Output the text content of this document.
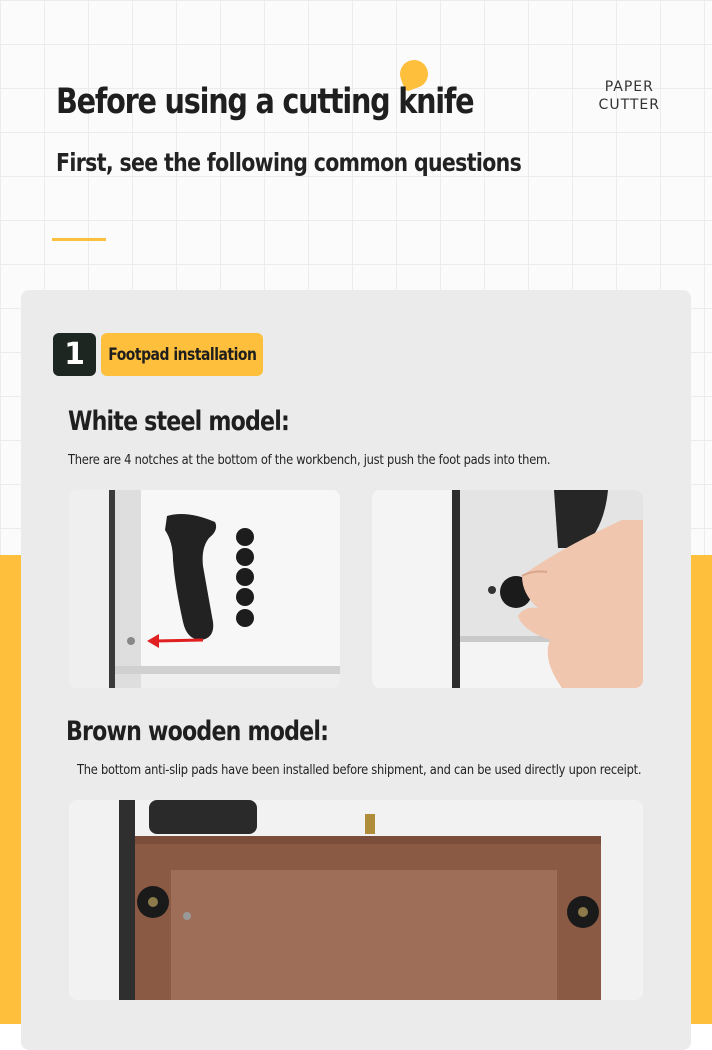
Before using a cutting knife
First, see the following common questions
PAPER
CUTTER
1	Footpad installation
White steel model:

There are 4 notches at the bottom of the workbench, just push the foot pads into them.

Brown wooden model:

The bottom anti-slip pads have been installed before shipment, and can be used directly upon receipt.
